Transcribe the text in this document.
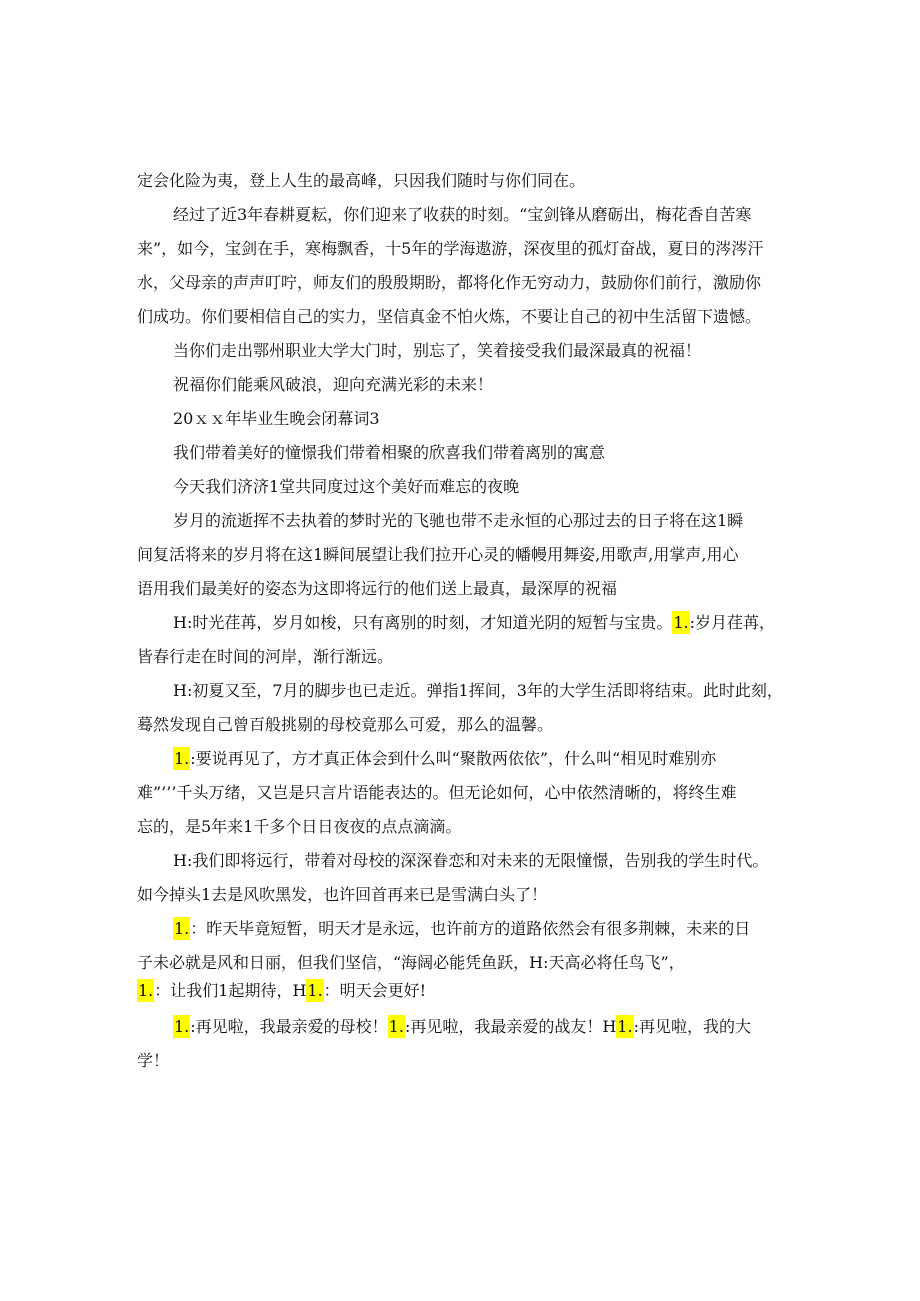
定会化险为夷，登上人生的最高峰，只因我们随时与你们同在。
经过了近3年春耕夏耘，你们迎来了收获的时刻。“宝剑锋从磨砺出，梅花香自苦寒
来”，如今，宝剑在手，寒梅飘香，十5年的学海遨游，深夜里的孤灯奋战，夏日的涔涔汗
水，父母亲的声声叮咛，师友们的殷殷期盼，都将化作无穷动力，鼓励你们前行，激励你
们成功。你们要相信自己的实力，坚信真金不怕火炼，不要让自己的初中生活留下遗憾。
当你们走出鄂州职业大学大门时，别忘了，笑着接受我们最深最真的祝福！
祝福你们能乘风破浪，迎向充满光彩的未来！
20ｘｘ年毕业生晚会闭幕词3
我们带着美好的憧憬我们带着相聚的欣喜我们带着离别的寓意
今天我们济济1堂共同度过这个美好而难忘的夜晚
岁月的流逝挥不去执着的梦时光的飞驰也带不走永恒的心那过去的日子将在这1瞬
间复活将来的岁月将在这1瞬间展望让我们拉开心灵的幡幔用舞姿,用歌声,用掌声,用心
语用我们最美好的姿态为这即将远行的他们送上最真，最深厚的祝福
H:时光荏苒，岁月如梭，只有离别的时刻，才知道光阴的短暂与宝贵。1.:岁月荏苒，
皆春行走在时间的河岸，渐行渐远。
H:初夏又至，7月的脚步也已走近。弹指1挥间，3年的大学生活即将结束。此时此刻，
蓦然发现自己曾百般挑剔的母校竟那么可爱，那么的温馨。
1.:要说再见了，方才真正体会到什么叫“聚散两依依”，什么叫“相见时难别亦
难”’’’千头万绪，又岂是只言片语能表达的。但无论如何，心中依然清晰的，将终生难
忘的，是5年来1千多个日日夜夜的点点滴滴。
H:我们即将远行，带着对母校的深深眷恋和对未来的无限憧憬，告别我的学生时代。
如今掉头1去是风吹黑发，也许回首再来已是雪满白头了！
1.：昨天毕竟短暂，明天才是永远，也许前方的道路依然会有很多荆棘，未来的日
子未必就是风和日丽，但我们坚信，“海阔必能凭鱼跃，H:天高必将任鸟飞”，
1.：让我们1起期待，H1.：明天会更好!
1.:再见啦，我最亲爱的母校！1.:再见啦，我最亲爱的战友！H1.:再见啦，我的大
学！
